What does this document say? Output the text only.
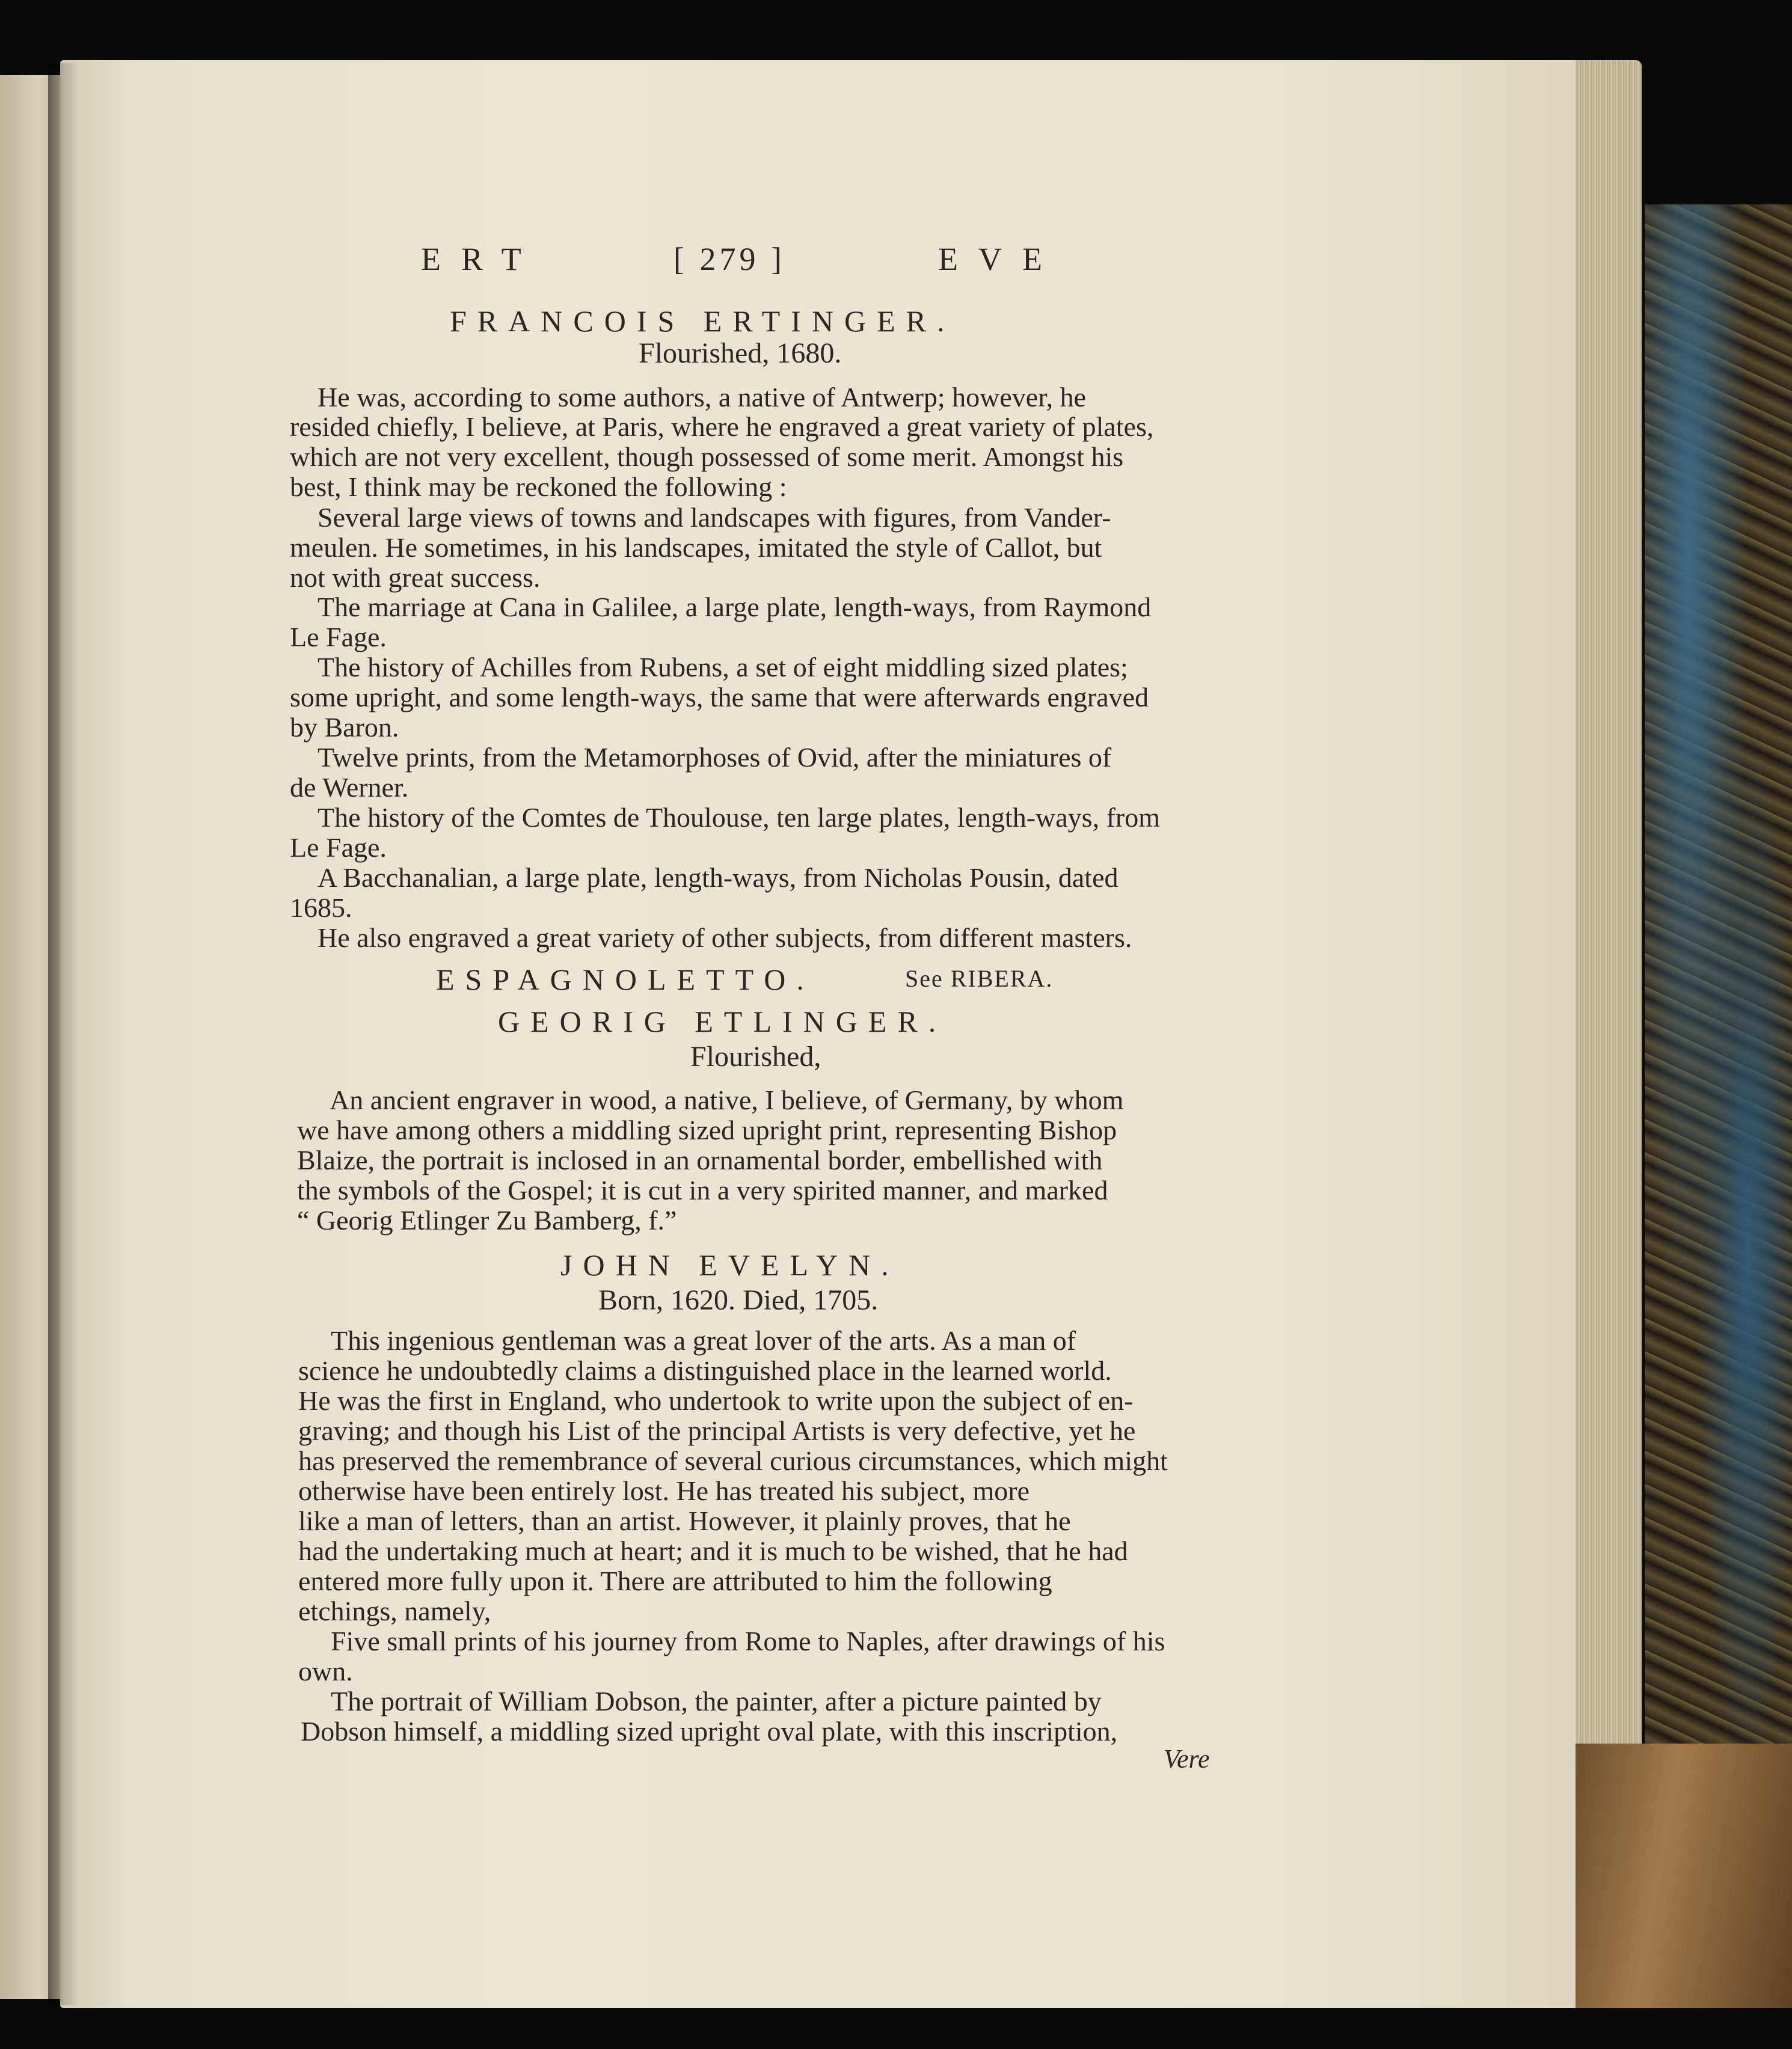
ERT	[ 279 ]	EVE
FRANCOIS ERTINGER.
Flourished, 1680.
He was, according to some authors, a native of Antwerp; however, he
resided chiefly, I believe, at Paris, where he engraved a great variety of plates,
which are not very excellent, though possessed of some merit. Amongst his
best, I think may be reckoned the following :
Several large views of towns and landscapes with figures, from Vander-
meulen. He sometimes, in his landscapes, imitated the style of Callot, but
not with great success.
The marriage at Cana in Galilee, a large plate, length-ways, from Raymond
Le Fage.
The history of Achilles from Rubens, a set of eight middling sized plates;
some upright, and some length-ways, the same that were afterwards engraved
by Baron.
Twelve prints, from the Metamorphoses of Ovid, after the miniatures of
de Werner.
The history of the Comtes de Thoulouse, ten large plates, length-ways, from
Le Fage.
A Bacchanalian, a large plate, length-ways, from Nicholas Pousin, dated
1685.
He also engraved a great variety of other subjects, from different masters.
ESPAGNOLETTO.	See RIBERA.
GEORIG ETLINGER.
Flourished,
An ancient engraver in wood, a native, I believe, of Germany, by whom
we have among others a middling sized upright print, representing Bishop
Blaize, the portrait is inclosed in an ornamental border, embellished with
the symbols of the Gospel; it is cut in a very spirited manner, and marked
“ Georig Etlinger Zu Bamberg, f.”
JOHN EVELYN.
Born, 1620. Died, 1705.
This ingenious gentleman was a great lover of the arts. As a man of
science he undoubtedly claims a distinguished place in the learned world.
He was the first in England, who undertook to write upon the subject of en-
graving; and though his List of the principal Artists is very defective, yet he
has preserved the remembrance of several curious circumstances, which might
otherwise have been entirely lost. He has treated his subject, more
like a man of letters, than an artist. However, it plainly proves, that he
had the undertaking much at heart; and it is much to be wished, that he had
entered more fully upon it. There are attributed to him the following
etchings, namely,
Five small prints of his journey from Rome to Naples, after drawings of his
own.
The portrait of William Dobson, the painter, after a picture painted by
Dobson himself, a middling sized upright oval plate, with this inscription,
Vere
